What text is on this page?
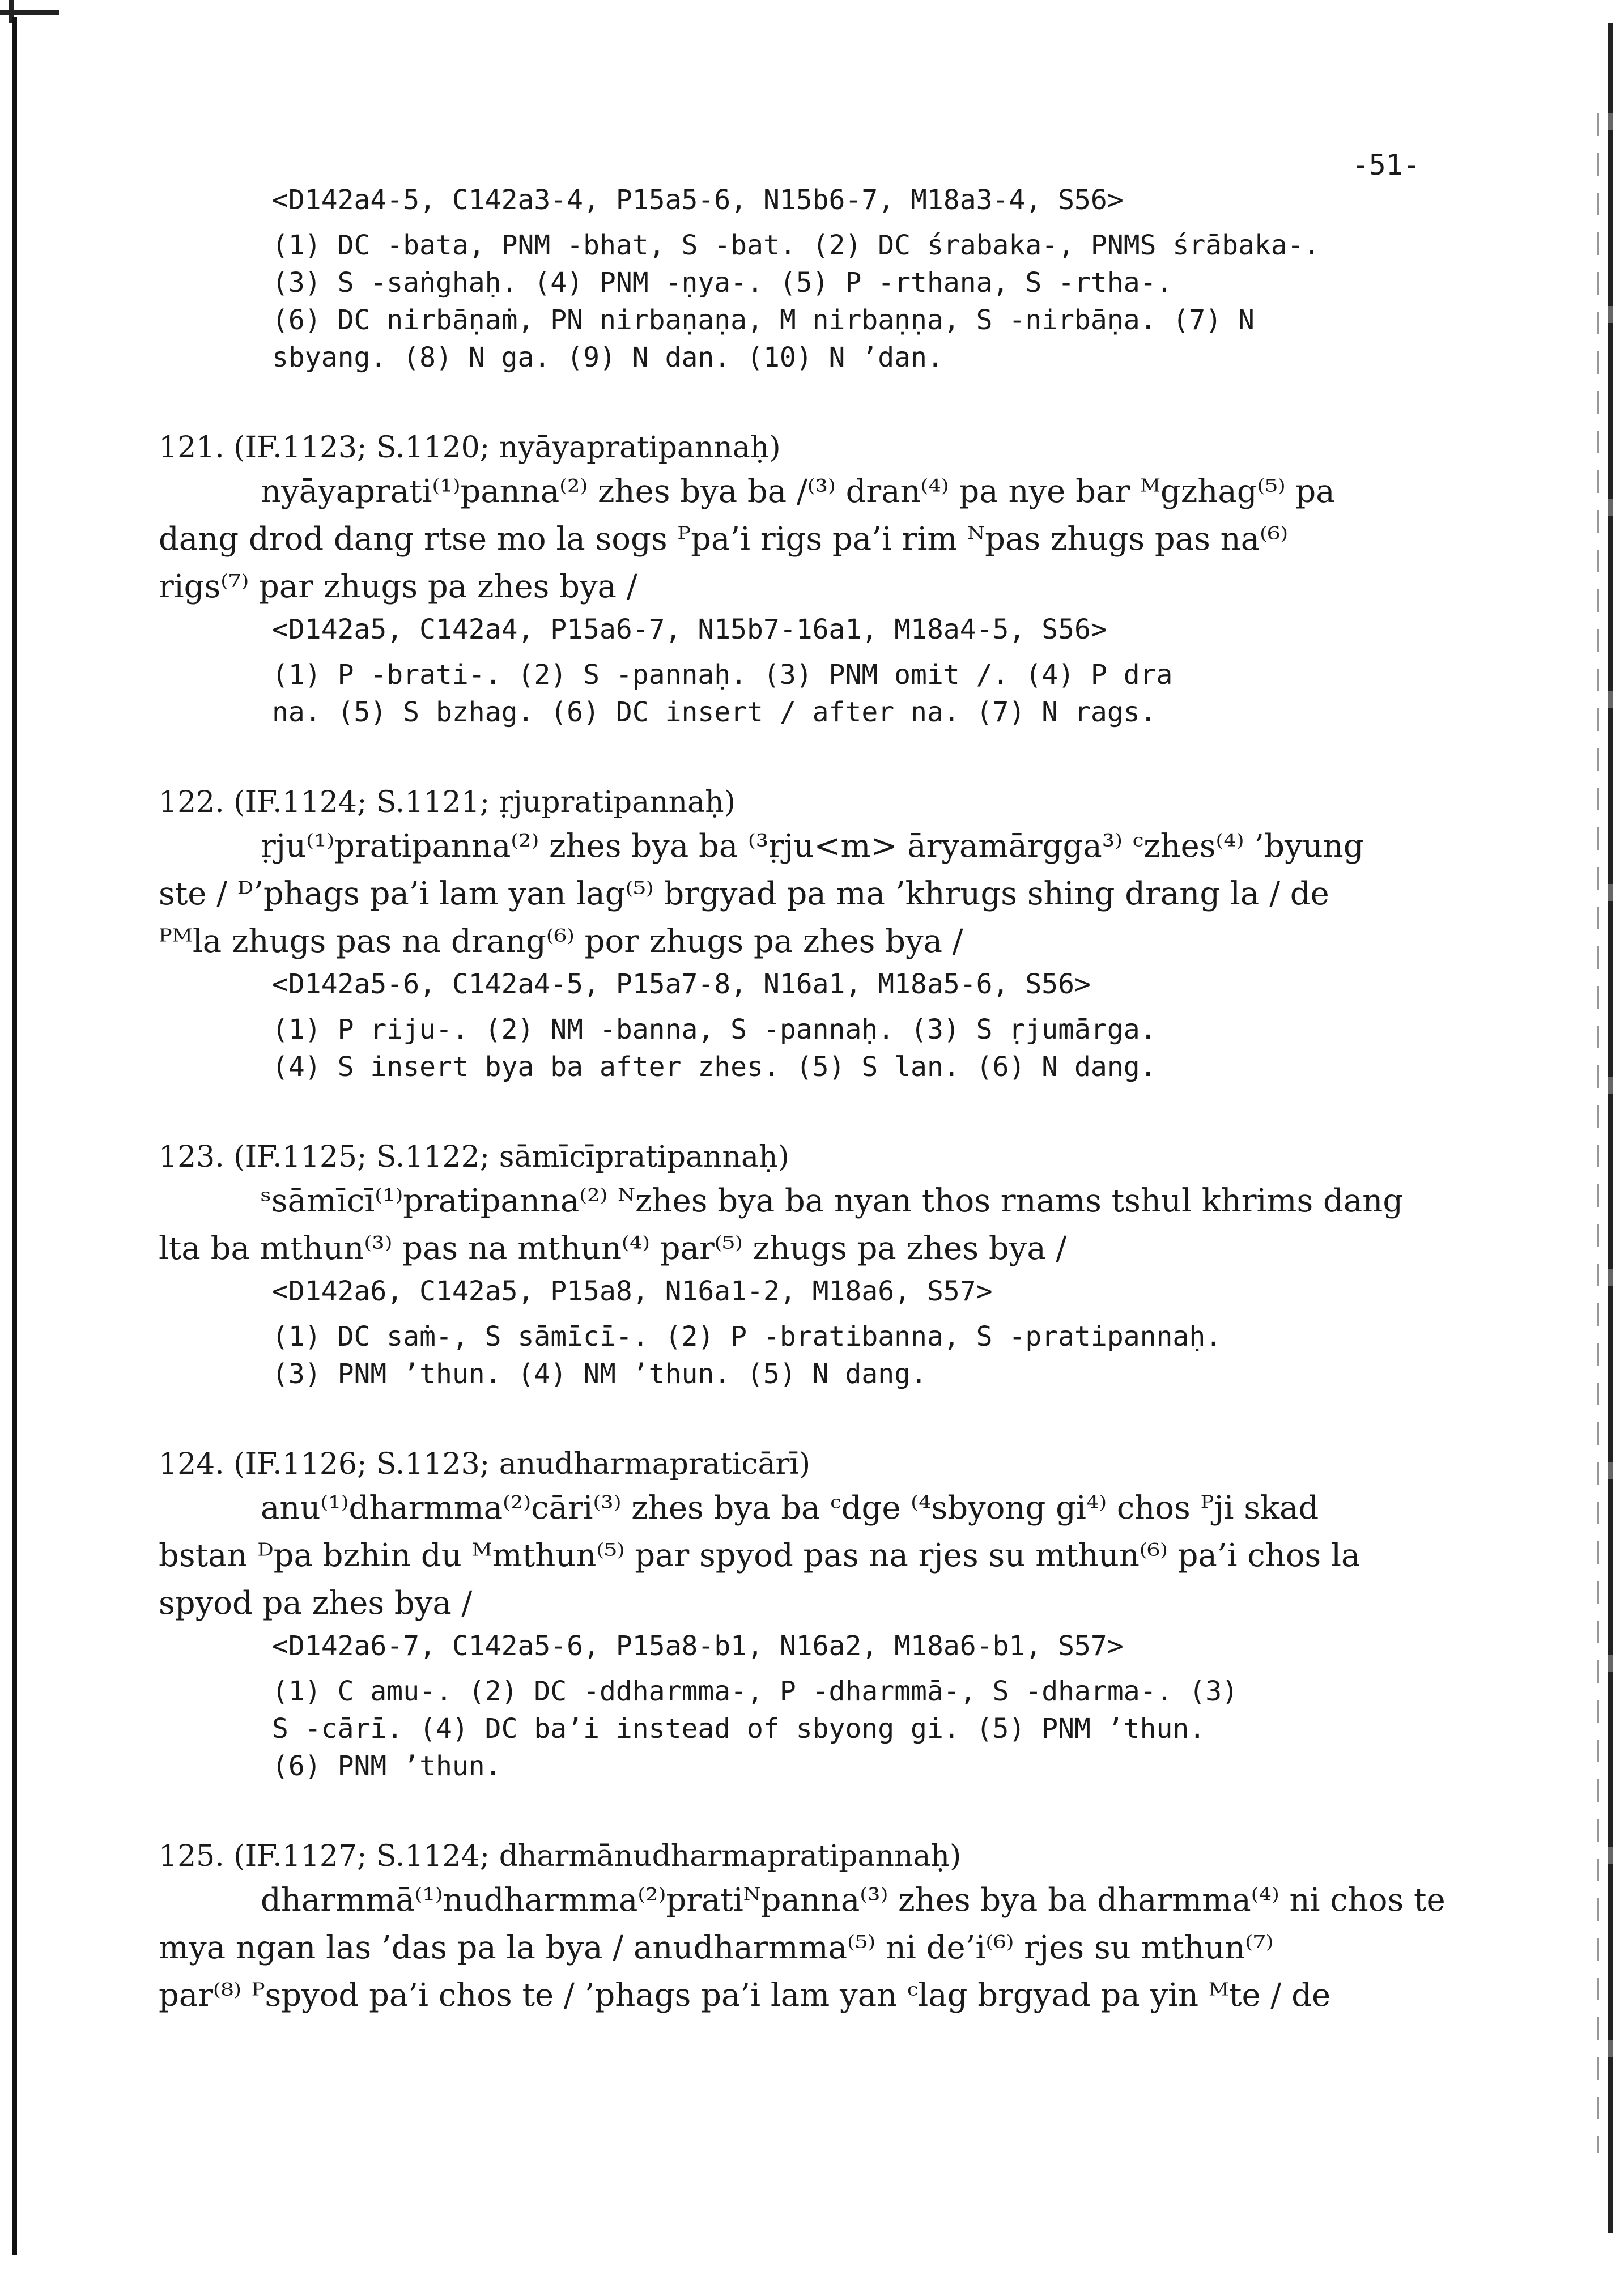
-51-
<D142a4-5, C142a3-4, P15a5-6, N15b6-7, M18a3-4, S56>
(1) DC -bata, PNM -bhat, S -bat. (2) DC śrabaka-, PNMS śrābaka-.
(3) S -saṅghaḥ. (4) PNM -ṇya-. (5) P -rthana, S -rtha-.
(6) DC nirbāṇaṁ, PN nirbaṇaṇa, M nirbaṇṇa, S -nirbāṇa. (7) N
sbyang. (8) N ga. (9) N dan. (10) N ’dan.
121. (IF.1123; S.1120; nyāyapratipannaḥ)
nyāyaprati⁽¹⁾panna⁽²⁾ zhes bya ba /⁽³⁾ dran⁽⁴⁾ pa nye bar ᴹgzhag⁽⁵⁾ pa
dang drod dang rtse mo la sogs ᴾpa’i rigs pa’i rim ᴺpas zhugs pas na⁽⁶⁾
rigs⁽⁷⁾ par zhugs pa zhes bya /
<D142a5, C142a4, P15a6-7, N15b7-16a1, M18a4-5, S56>
(1) P -brati-. (2) S -pannaḥ. (3) PNM omit /. (4) P dra
na. (5) S bzhag. (6) DC insert / after na. (7) N rags.
122. (IF.1124; S.1121; ṛjupratipannaḥ)
ṛju⁽¹⁾pratipanna⁽²⁾ zhes bya ba ⁽³ṛju<m> āryamārgga³⁾ ᶜzhes⁽⁴⁾ ’byung
ste / ᴰ’phags pa’i lam yan lag⁽⁵⁾ brgyad pa ma ’khrugs shing drang la / de
ᴾᴹla zhugs pas na drang⁽⁶⁾ por zhugs pa zhes bya /
<D142a5-6, C142a4-5, P15a7-8, N16a1, M18a5-6, S56>
(1) P riju-. (2) NM -banna, S -pannaḥ. (3) S ṛjumārga.
(4) S insert bya ba after zhes. (5) S lan. (6) N dang.
123. (IF.1125; S.1122; sāmīcīpratipannaḥ)
ˢsāmīcī⁽¹⁾pratipanna⁽²⁾ ᴺzhes bya ba nyan thos rnams tshul khrims dang
lta ba mthun⁽³⁾ pas na mthun⁽⁴⁾ par⁽⁵⁾ zhugs pa zhes bya /
<D142a6, C142a5, P15a8, N16a1-2, M18a6, S57>
(1) DC saṁ-, S sāmīcī-. (2) P -bratibanna, S -pratipannaḥ.
(3) PNM ’thun. (4) NM ’thun. (5) N dang.
124. (IF.1126; S.1123; anudharmapraticārī)
anu⁽¹⁾dharmma⁽²⁾cāri⁽³⁾ zhes bya ba ᶜdge ⁽⁴sbyong gi⁴⁾ chos ᴾji skad
bstan ᴰpa bzhin du ᴹmthun⁽⁵⁾ par spyod pas na rjes su mthun⁽⁶⁾ pa’i chos la
spyod pa zhes bya /
<D142a6-7, C142a5-6, P15a8-b1, N16a2, M18a6-b1, S57>
(1) C amu-. (2) DC -ddharmma-, P -dharmmā-, S -dharma-. (3)
S -cārī. (4) DC ba’i instead of sbyong gi. (5) PNM ’thun.
(6) PNM ’thun.
125. (IF.1127; S.1124; dharmānudharmapratipannaḥ)
dharmmā⁽¹⁾nudharmma⁽²⁾pratiᴺpanna⁽³⁾ zhes bya ba dharmma⁽⁴⁾ ni chos te
mya ngan las ’das pa la bya / anudharmma⁽⁵⁾ ni de’i⁽⁶⁾ rjes su mthun⁽⁷⁾
par⁽⁸⁾ ᴾspyod pa’i chos te / ’phags pa’i lam yan ᶜlag brgyad pa yin ᴹte / de
